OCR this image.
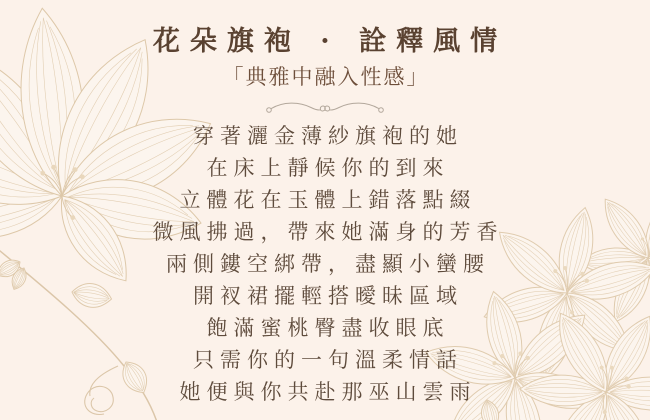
花朵旗袍 · 詮釋風情
「典雅中融入性感」

穿著灑金薄紗旗袍的她

在床上靜候你的到來

立體花在玉體上錯落點綴

微風拂過，帶來她滿身的芳香

兩側鏤空綁帶，盡顯小蠻腰

開衩裙擺輕搭曖昧區域

飽滿蜜桃臀盡收眼底

只需你的一句溫柔情話

她便與你共赴那巫山雲雨
